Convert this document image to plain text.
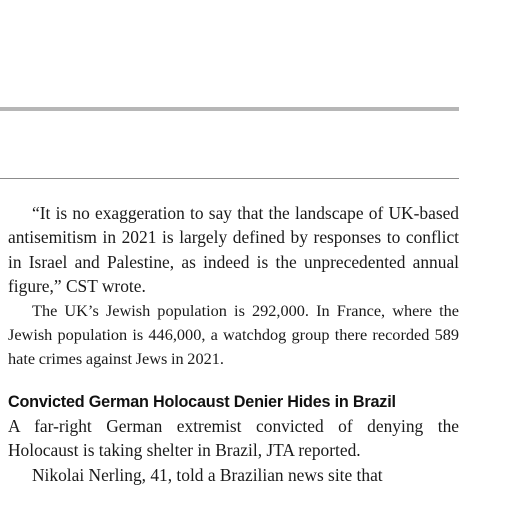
“It is no exaggeration to say that the landscape of UK-based antisemitism in 2021 is largely defined by responses to conflict in Israel and Palestine, as indeed is the unprecedented annual figure,” CST wrote.

The UK’s Jewish population is 292,000. In France, where the Jewish population is 446,000, a watchdog group there recorded 589 hate crimes against Jews in 2021.

Convicted German Holocaust Denier Hides in Brazil

A far-right German extremist convicted of denying the Holocaust is taking shelter in Brazil, JTA reported.

Nikolai Nerling, 41, told a Brazilian news site that
